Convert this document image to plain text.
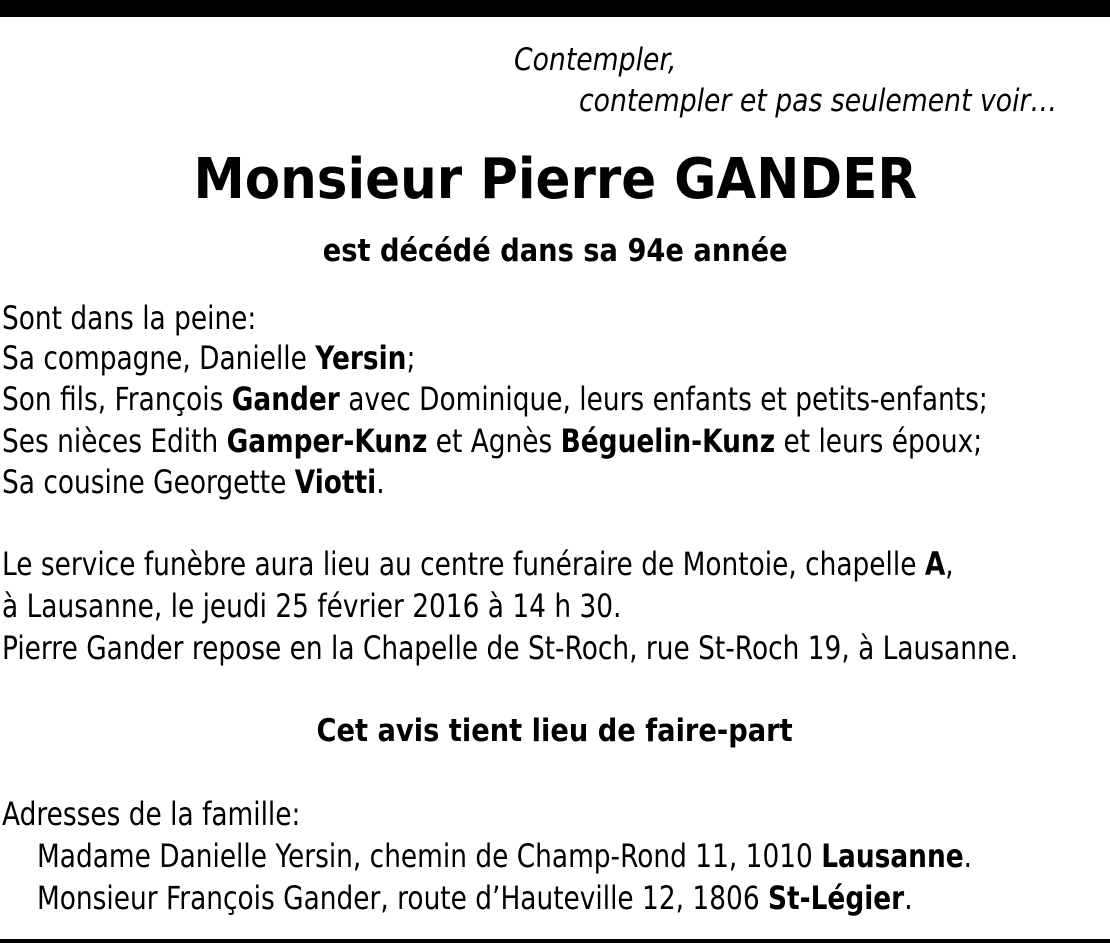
Contempler,
contempler et pas seulement voir…
Monsieur Pierre GANDER
est décédé dans sa 94e année
Sont dans la peine:
Sa compagne, Danielle Yersin;
Son fils, François Gander avec Dominique, leurs enfants et petits-enfants;
Ses nièces Edith Gamper-Kunz et Agnès Béguelin-Kunz et leurs époux;
Sa cousine Georgette Viotti.
Le service funèbre aura lieu au centre funéraire de Montoie, chapelle A,
à Lausanne, le jeudi 25 février 2016 à 14 h 30.
Pierre Gander repose en la Chapelle de St-Roch, rue St-Roch 19, à Lausanne.
Cet avis tient lieu de faire-part
Adresses de la famille:
Madame Danielle Yersin, chemin de Champ-Rond 11, 1010 Lausanne.
Monsieur François Gander, route d’Hauteville 12, 1806 St-Légier.
